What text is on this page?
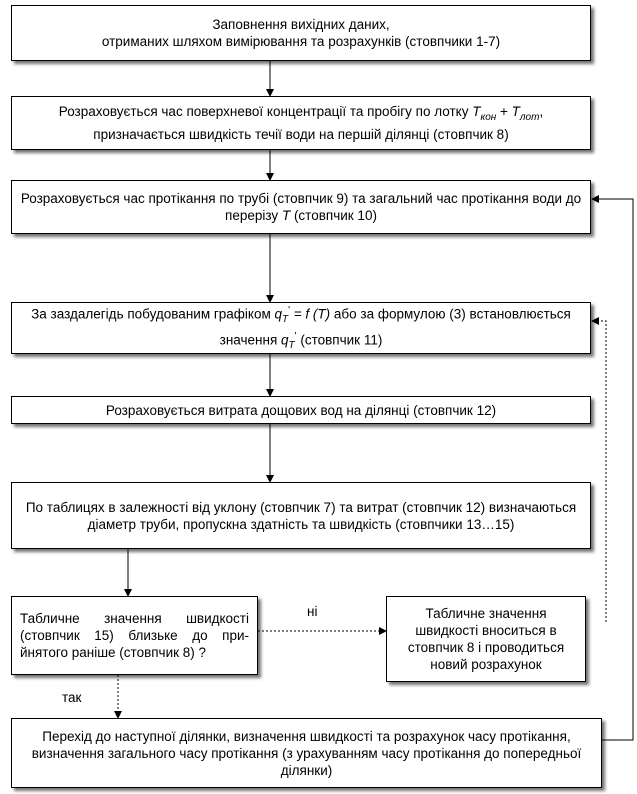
Заповнення вихідних даних,
отриманих шляхом вимірювання та розрахунків (стовпчики 1-7)
Розраховується час поверхневої концентрації та пробігу по лотку $Т_{кон} + Т_{лот}$, призначається швидкість течії води на першій ділянці (стовпчик 8)
Розраховується час протікання по трубі (стовпчик 9) та загальний час протікання води до перерізу Т (стовпчик 10)
За заздалегідь побудованим графіком $q_T' = f$ (T) або за формулою (3) встановлюється значення $q_T'$ (стовпчик 11)
Розраховується витрата дощових вод на ділянці (стовпчик 12)
По таблицях в залежності від уклону (стовпчик 7) та витрат (стовпчик 12) визначаються діаметр труби, пропускна здатність та швидкість (стовпчики 13…15)
Табличне значення швидкості (стовпчик 15) близьке до при-йнятого раніше (стовпчик 8) ?
ні
так
Табличне значення швидкості вноситься в стовпчик 8 і проводиться новий розрахунок
Перехід до наступної ділянки, визначення швидкості та розрахунок часу протікання, визначення загального часу протікання (з урахуванням часу протікання до попередньої ділянки)
